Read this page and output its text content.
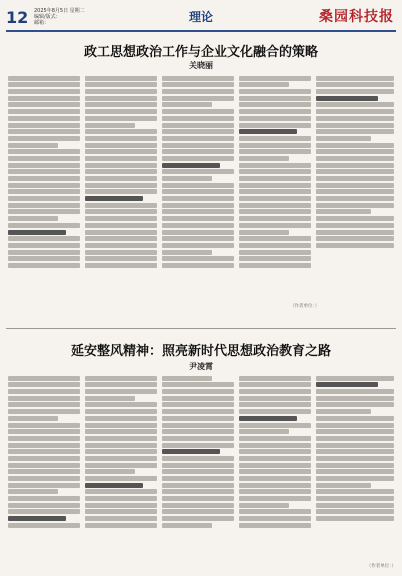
12 2025年8月5日 星期二
编辑/版式：
邮箱：	理论	桑园科技报
政工思想政治工作与企业文化融合的策略
关晓丽
（作者单位：）
延安整风精神：照亮新时代思想政治教育之路
尹凌霄
（作者单位：）
